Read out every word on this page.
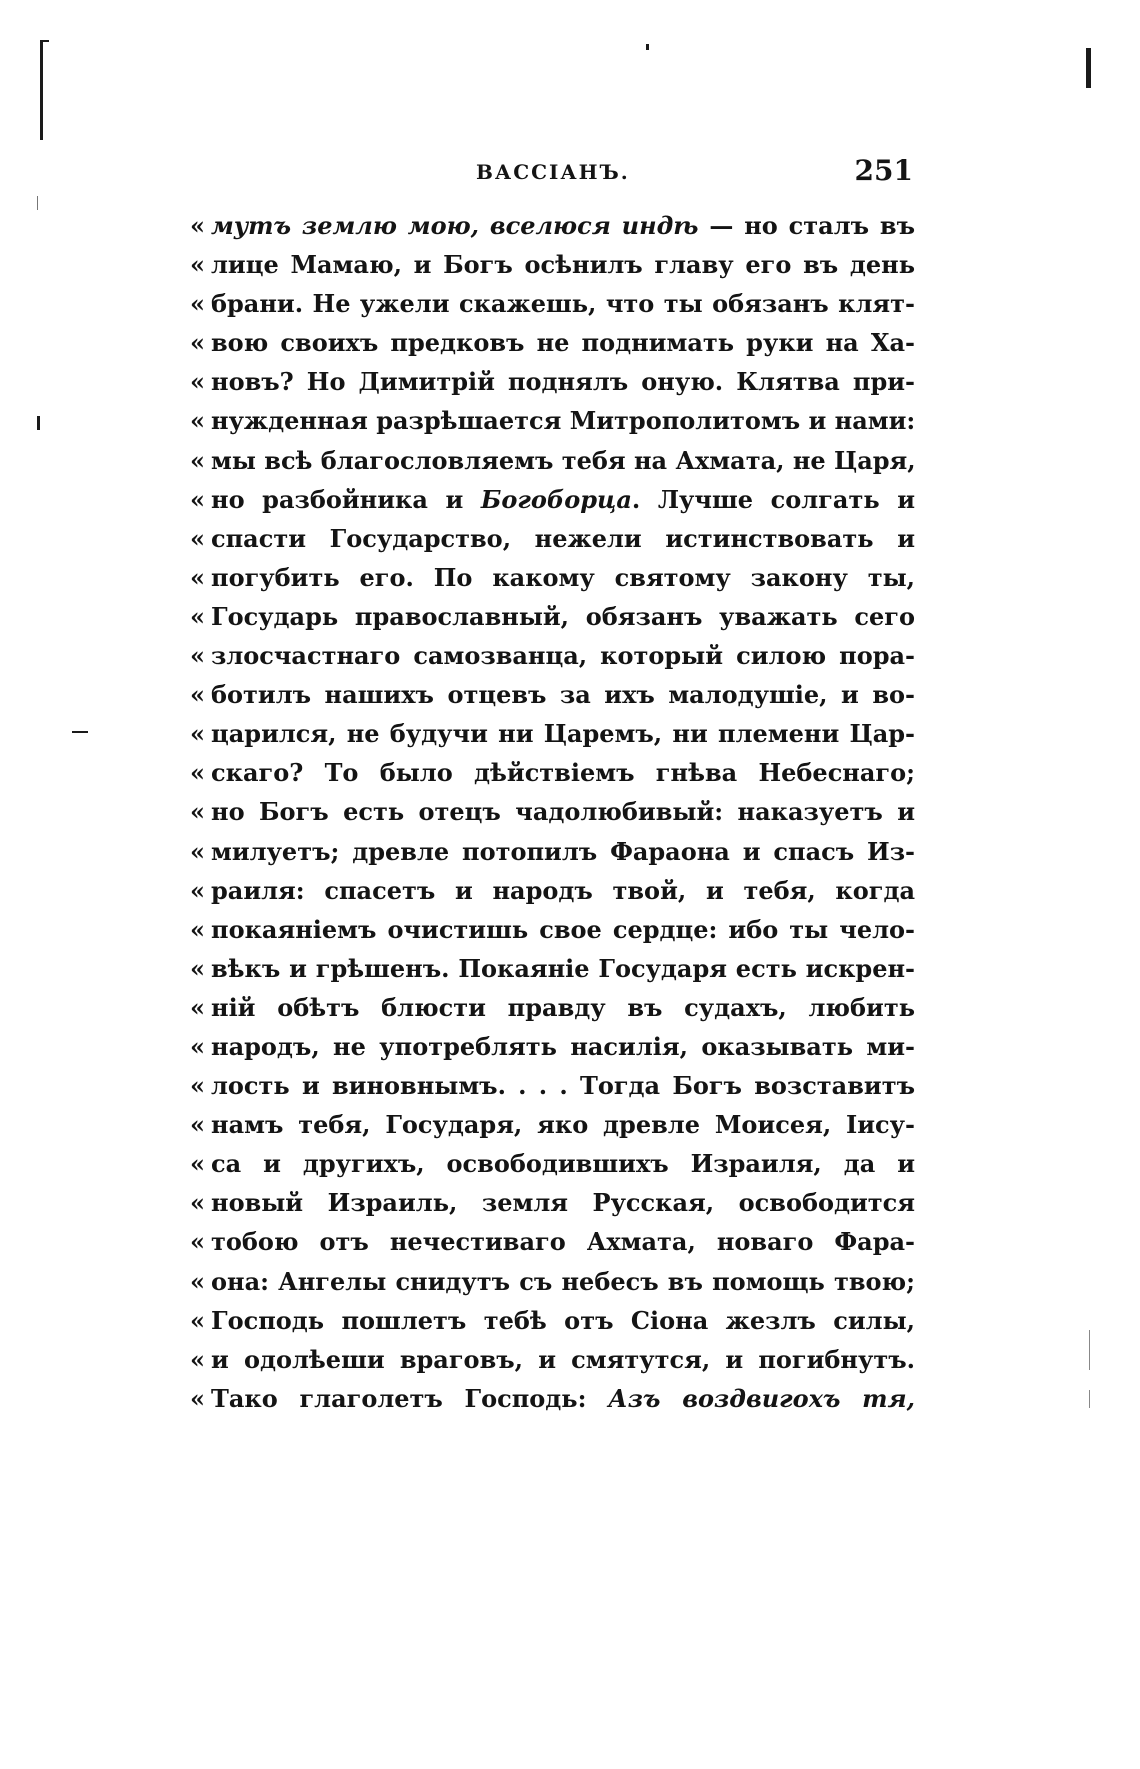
ВАССІАНЪ.	251
« мутъ землю мою, вселюся индѣ — но сталъ въ
« лице Мамаю, и Богъ осѣнилъ главу его въ день
« брани. Не ужели скажешь, что ты обязанъ клят-
« вою своихъ предковъ не поднимать руки на Ха-
« новъ? Но Димитрій поднялъ оную. Клятва при-
« нужденная разрѣшается Митрополитомъ и нами:
« мы всѣ благословляемъ тебя на Ахмата, не Царя,
« но разбойника и Богоборца. Лучше солгать и
« спасти Государство, нежели истинствовать и
« погубить его. По какому святому закону ты,
« Государь православный, обязанъ уважать сего
« злосчастнаго самозванца, который силою пора-
« ботилъ нашихъ отцевъ за ихъ малодушіе, и во-
« царился, не будучи ни Царемъ, ни племени Цар-
« скаго? То было дѣйствіемъ гнѣва Небеснаго;
« но Богъ есть отецъ чадолюбивый: наказуетъ и
« милуетъ; древле потопилъ Фараона и спасъ Из-
« раиля: спасетъ и народъ твой, и тебя, когда
« покаяніемъ очистишь свое сердце: ибо ты чело-
« вѣкъ и грѣшенъ. Покаяніе Государя есть искрен-
« ній обѣтъ блюсти правду въ судахъ, любить
« народъ, не употреблять насилія, оказывать ми-
« лость и виновнымъ. . . . Тогда Богъ возставитъ
« намъ тебя, Государя, яко древле Моисея, Іису-
« са и другихъ, освободившихъ Израиля, да и
« новый Израиль, земля Русская, освободится
« тобою отъ нечестиваго Ахмата, новаго Фара-
« она: Ангелы снидутъ съ небесъ въ помощь твою;
« Господь пошлетъ тебѣ отъ Сіона жезлъ силы,
« и одолѣеши враговъ, и смятутся, и погибнутъ.
« Тако глаголетъ Господь: Азъ воздвигохъ тя,
